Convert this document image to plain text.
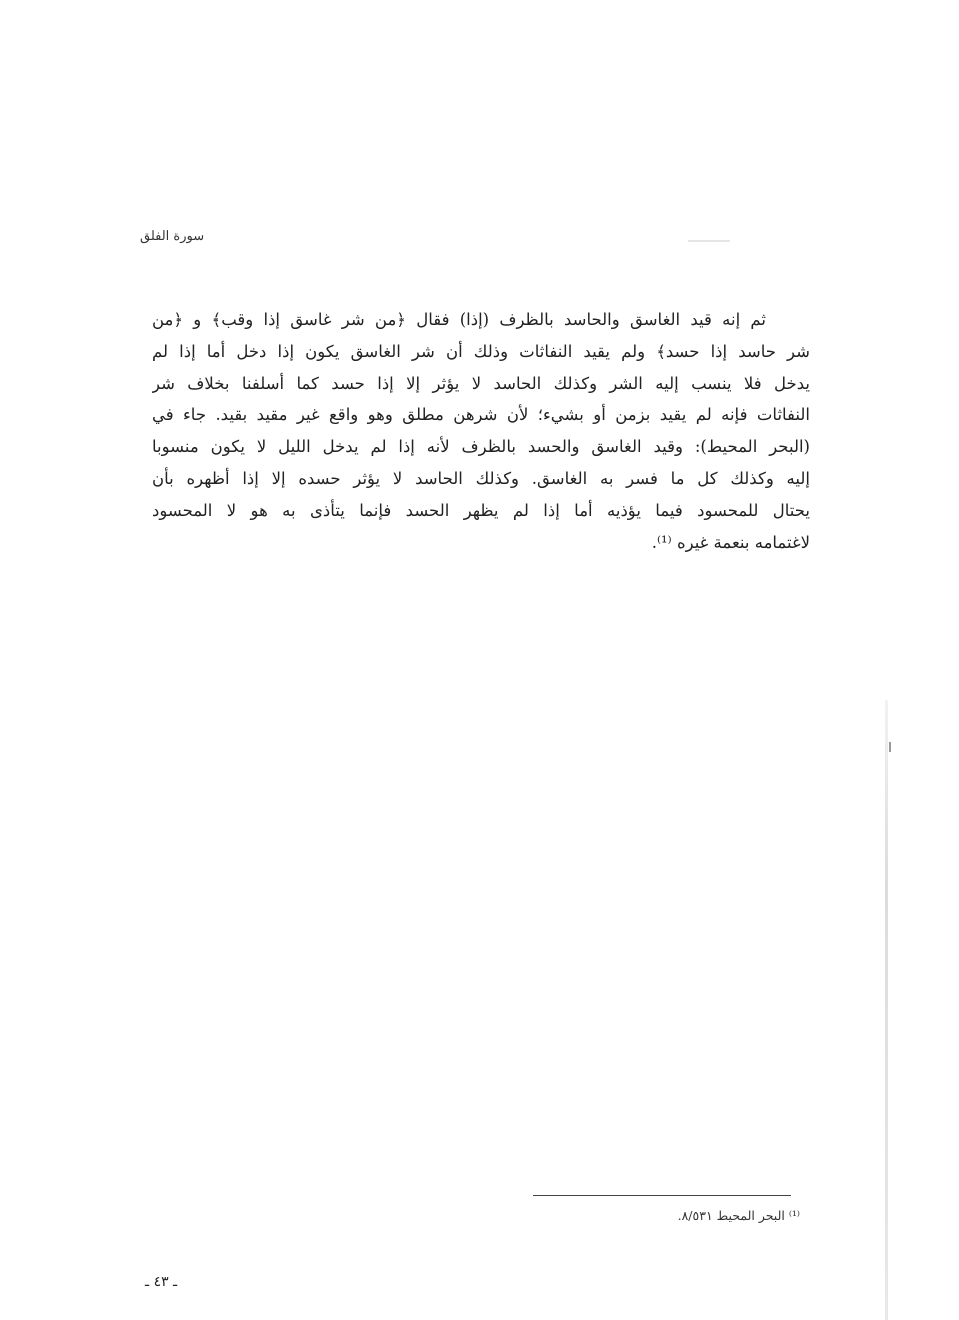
سورة الفلق
ثم إنه قيد الغاسق والحاسد بالظرف (إذا) فقال ﴿من شر غاسق إذا وقب﴾ و ﴿من
شر حاسد إذا حسد﴾ ولم يقيد النفاثات وذلك أن شر الغاسق يكون إذا دخل أما إذا لم
يدخل فلا ينسب إليه الشر وكذلك الحاسد لا يؤثر إلا إذا حسد كما أسلفنا بخلاف شر
النفاثات فإنه لم يقيد بزمن أو بشيء؛ لأن شرهن مطلق وهو واقع غير مقيد بقيد. جاء في
(البحر المحيط): وقيد الغاسق والحسد بالظرف لأنه إذا لم يدخل الليل لا يكون منسوبا
إليه وكذلك كل ما فسر به الغاسق. وكذلك الحاسد لا يؤثر حسده إلا إذا أظهره بأن
يحتال للمحسود فيما يؤذيه أما إذا لم يظهر الحسد فإنما يتأذى به هو لا المحسود
لاغتمامه بنعمة غيره ⁽¹⁾.
⁽¹⁾ البحر المحيط ٨/٥٣١.
ـ ٤٣ ـ
